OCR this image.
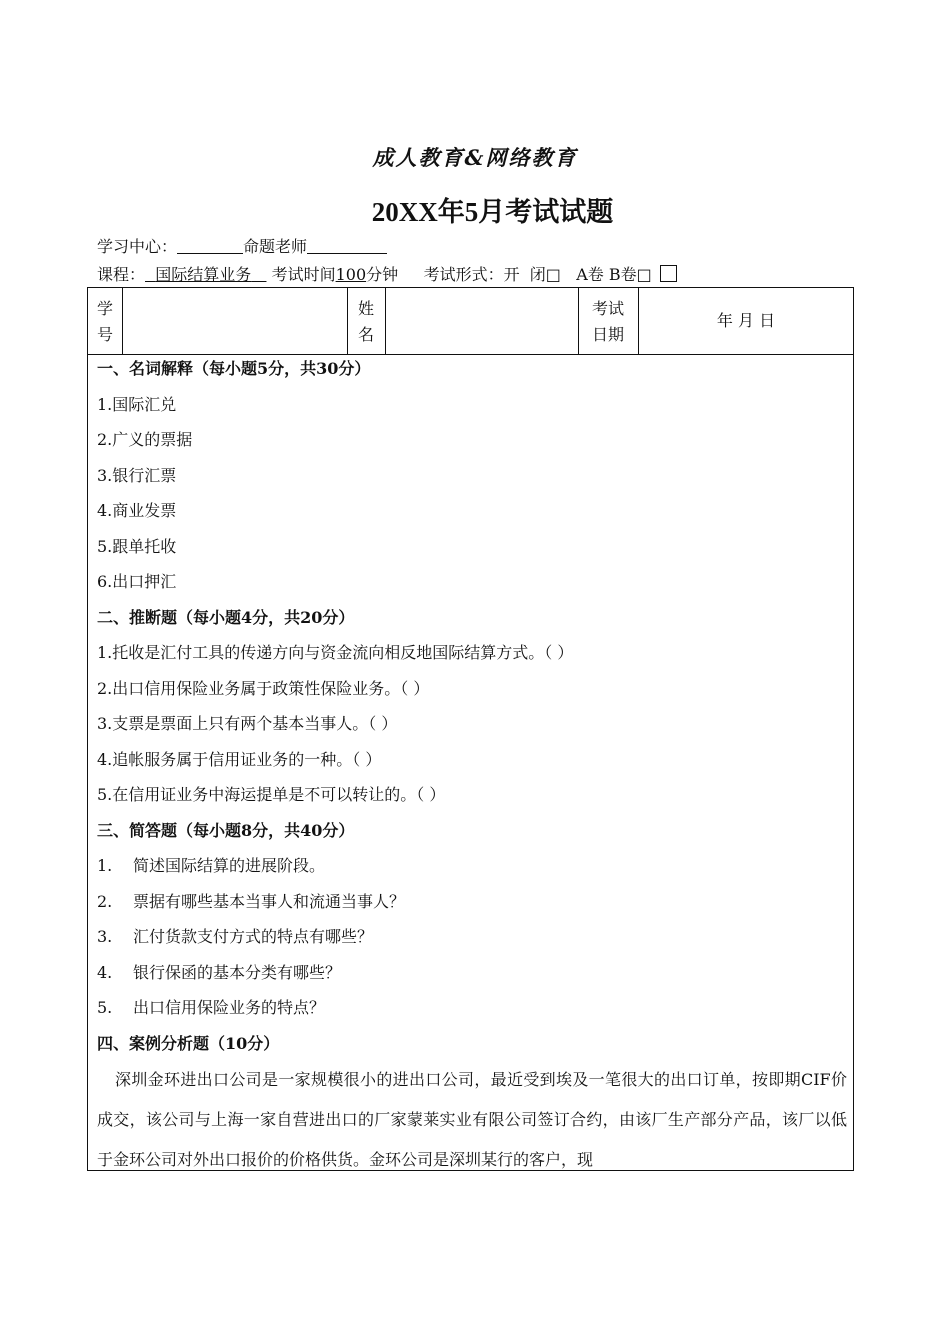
成人教育&网络教育
20XX年5月考试试题
学习中心：	命题老师
课程： 国际结算业务 考试时间100分钟 考试形式：开 闭□ A卷 B卷□
学
号
姓
名
考试
日期
年 月 日
一、名词解释（每小题5分，共30分）
1.国际汇兑
2.广义的票据
3.银行汇票
4.商业发票
5.跟单托收
6.出口押汇
二、推断题（每小题4分，共20分）
1.托收是汇付工具的传递方向与资金流向相反地国际结算方式。（ ）
2.出口信用保险业务属于政策性保险业务。（ ）
3.支票是票面上只有两个基本当事人。（ ）
4.追帐服务属于信用证业务的一种。（ ）
5.在信用证业务中海运提单是不可以转让的。（ ）
三、简答题（每小题8分，共40分）
1. 简述国际结算的进展阶段。
2. 票据有哪些基本当事人和流通当事人？
3. 汇付货款支付方式的特点有哪些？
4. 银行保函的基本分类有哪些？
5. 出口信用保险业务的特点？
四、案例分析题（10分）
深圳金环进出口公司是一家规模很小的进出口公司，最近受到埃及一笔很大的出口订单，按即期CIF价成交，该公司与上海一家自营进出口的厂家蒙莱实业有限公司签订合约，由该厂生产部分产品，该厂以低于金环公司对外出口报价的价格供货。金环公司是深圳某行的客户，现
